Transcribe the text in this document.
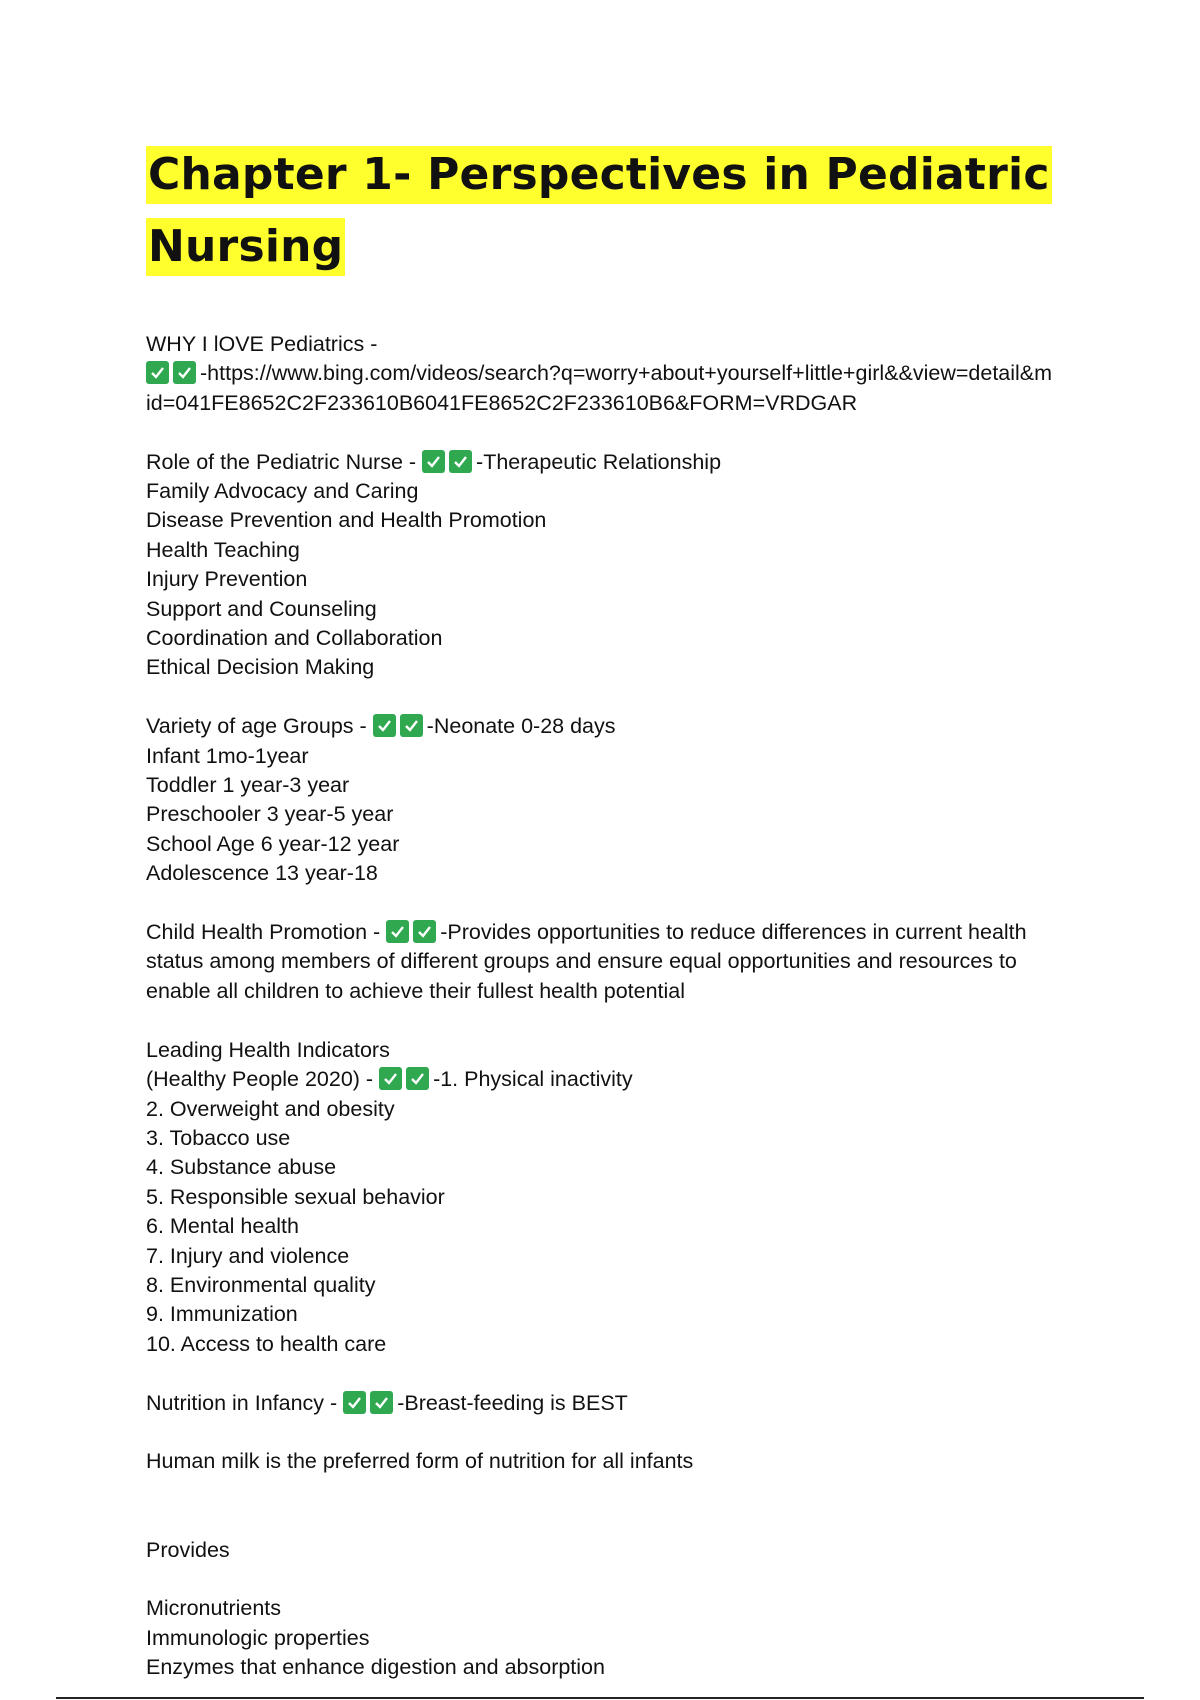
Chapter 1- Perspectives in Pediatric
Nursing
WHY I lOVE Pediatrics -
-https://www.bing.com/videos/search?q=worry+about+yourself+little+girl&&view=detail&m
id=041FE8652C2F233610B6041FE8652C2F233610B6&FORM=VRDGAR
Role of the Pediatric Nurse -	-Therapeutic Relationship
Family Advocacy and Caring
Disease Prevention and Health Promotion
Health Teaching
Injury Prevention
Support and Counseling
Coordination and Collaboration
Ethical Decision Making
Variety of age Groups -	-Neonate 0-28 days
Infant 1mo-1year
Toddler 1 year-3 year
Preschooler 3 year-5 year
School Age 6 year-12 year
Adolescence 13 year-18
Child Health Promotion -	-Provides opportunities to reduce differences in current health
status among members of different groups and ensure equal opportunities and resources to
enable all children to achieve their fullest health potential
Leading Health Indicators
(Healthy People 2020) -	-1. Physical inactivity
2. Overweight and obesity
3. Tobacco use
4. Substance abuse
5. Responsible sexual behavior
6. Mental health
7. Injury and violence
8. Environmental quality
9. Immunization
10. Access to health care
Nutrition in Infancy -	-Breast-feeding is BEST
Human milk is the preferred form of nutrition for all infants
Provides
Micronutrients
Immunologic properties
Enzymes that enhance digestion and absorption
